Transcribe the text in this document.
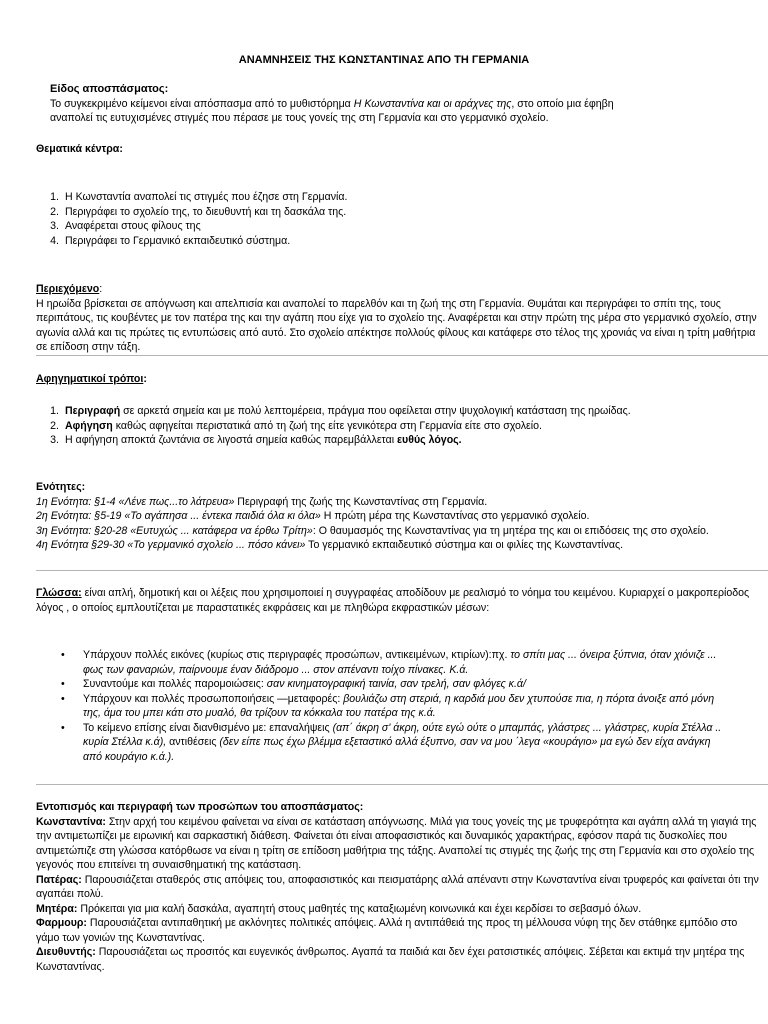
ΑΝΑΜΝΗΣΕΙΣ ΤΗΣ ΚΩΝΣΤΑΝΤΙΝΑΣ ΑΠΟ ΤΗ ΓΕΡΜΑΝΙΑ

Είδος αποσπάσματος:

Το συγκεκριμένο κείμενοι είναι απόσπασμα από το μυθιστόρημα Η Κωνσταντίνα και οι αράχνες της, στο οποίο μια έφηβη αναπολεί τις ευτυχισμένες στιγμές που πέρασε με τους γονείς της στη Γερμανία και στο γερμανικό σχολείο.

Θεματικά κέντρα:
1. Η Κωνσταντία αναπολεί τις στιγμές που έζησε στη Γερμανία.
2. Περιγράφει το σχολείο της, το διευθυντή και τη δασκάλα της.
3. Αναφέρεται στους φίλους της
4. Περιγράφει το Γερμανικό εκπαιδευτικό σύστημα.

Περιεχόμενο:

Η ηρωίδα βρίσκεται σε απόγνωση και απελπισία και αναπολεί το παρελθόν και τη ζωή της στη Γερμανία. Θυμάται και περιγράφει το σπίτι της, τους περιπάτους, τις κουβέντες με τον πατέρα της και την αγάπη που είχε για το σχολείο της. Αναφέρεται και στην πρώτη της μέρα στο γερμανικό σχολείο, στην αγωνία αλλά και τις πρώτες τις εντυπώσεις από αυτό. Στο σχολείο απέκτησε πολλούς φίλους και κατάφερε στο τέλος της χρονιάς να είναι η τρίτη μαθήτρια σε επίδοση στην τάξη.

Αφηγηματικοί τρόποι:
1. Περιγραφή σε αρκετά σημεία και με πολύ λεπτομέρεια, πράγμα που οφείλεται στην ψυχολογική κατάσταση της ηρωίδας.
2. Αφήγηση καθώς αφηγείται περιστατικά από τη ζωή της είτε γενικότερα στη Γερμανία είτε στο σχολείο.
3. Η αφήγηση αποκτά ζωντάνια σε λιγοστά σημεία καθώς παρεμβάλλεται ευθύς λόγος.

Ενότητες:

1η Ενότητα: §1-4 «Λένε πως...το λάτρευα» Περιγραφή της ζωής της Κωνσταντίνας στη Γερμανία.

2η Ενότητα: §5-19 «Το αγάπησα ... έντεκα παιδιά όλα κι όλα» Η πρώτη μέρα της Κωνσταντίνας στο γερμανικό σχολείο.

3η Ενότητα: §20-28 «Ευτυχώς ... κατάφερα να έρθω Τρίτη»: Ο θαυμασμός της Κωνσταντίνας για τη μητέρα της και οι επιδόσεις της στο σχολείο.

4η Ενότητα §29-30 «Το γερμανικό σχολείο ... πόσο κάνει» Το γερμανικό εκπαιδευτικό σύστημα και οι φιλίες της Κωνσταντίνας.

Γλώσσα: είναι απλή, δημοτική και οι λέξεις που χρησιμοποιεί η συγγραφέας αποδίδουν με ρεαλισμό το νόημα του κειμένου. Κυριαρχεί ο μακροπερίοδος λόγος , ο οποίος εμπλουτίζεται με παραστατικές εκφράσεις και με πληθώρα εκφραστικών μέσων:

• Υπάρχουν πολλές εικόνες (κυρίως στις περιγραφές προσώπων, αντικειμένων, κτιρίων):πχ. το σπίτι μας ... όνειρα ξύπνια, όταν χιόνιζε ... φως των φαναριών, παίρνουμε έναν διάδρομο ... στον απέναντι τοίχο πίνακες. Κ.ά.
• Συναντούμε και πολλές παρομοιώσεις: σαν κινηματογραφική ταινία, σαν τρελή, σαν φλόγες κ.ά/
• Υπάρχουν και πολλές προσωποποιήσεις —μεταφορές: βουλιάζω στη στεριά, η καρδιά μου δεν χτυπούσε πια, η πόρτα άνοιξε από μόνη της, άμα του μπει κάτι στο μυαλό, θα τρίζουν τα κόκκαλα του πατέρα της κ.ά.
• Το κείμενο επίσης είναι διανθισμένο με: επαναλήψεις (απ΄ άκρη σ' άκρη, ούτε εγώ ούτε ο μπαμπάς, γλάστρες ... γλάστρες, κυρία Στέλλα .. κυρία Στέλλα κ.ά), αντιθέσεις (δεν είπε πως έχω βλέμμα εξεταστικό αλλά έξυπνο, σαν να μου ΄λεγα «κουράγιο» μα εγώ δεν είχα ανάγκη από κουράγιο κ.ά.).

Εντοπισμός και περιγραφή των προσώπων του αποσπάσματος:

Κωνσταντίνα: Στην αρχή του κειμένου φαίνεται να είναι σε κατάσταση απόγνωσης. Μιλά για τους γονείς της με τρυφερότητα και αγάπη αλλά τη γιαγιά της την αντιμετωπίζει με ειρωνική και σαρκαστική διάθεση. Φαίνεται ότι είναι αποφασιστικός και δυναμικός χαρακτήρας, εφόσον παρά τις δυσκολίες που αντιμετώπιζε στη γλώσσα κατόρθωσε να είναι η τρίτη σε επίδοση μαθήτρια της τάξης. Αναπολεί τις στιγμές της ζωής της στη Γερμανία και στο σχολείο της γεγονός που επιτείνει τη συναισθηματική της κατάσταση.

Πατέρας: Παρουσιάζεται σταθερός στις απόψεις του, αποφασιστικός και πεισματάρης αλλά απέναντι στην Κωνσταντίνα είναι τρυφερός και φαίνεται ότι την αγαπάει πολύ.

Μητέρα: Πρόκειται για μια καλή δασκάλα, αγαπητή στους μαθητές της καταξιωμένη κοινωνικά και έχει κερδίσει το σεβασμό όλων.

Φαρμουρ: Παρουσιάζεται αντιπαθητική με ακλόνητες πολιτικές απόψεις. Αλλά η αντιπάθειά της προς τη μέλλουσα νύφη της δεν στάθηκε εμπόδιο στο γάμο των γονιών της Κωνσταντίνας.

Διευθυντής: Παρουσιάζεται ως προσιτός και ευγενικός άνθρωπος. Αγαπά τα παιδιά και δεν έχει ρατσιστικές απόψεις. Σέβεται και εκτιμά την μητέρα της Κωνσταντίνας.
